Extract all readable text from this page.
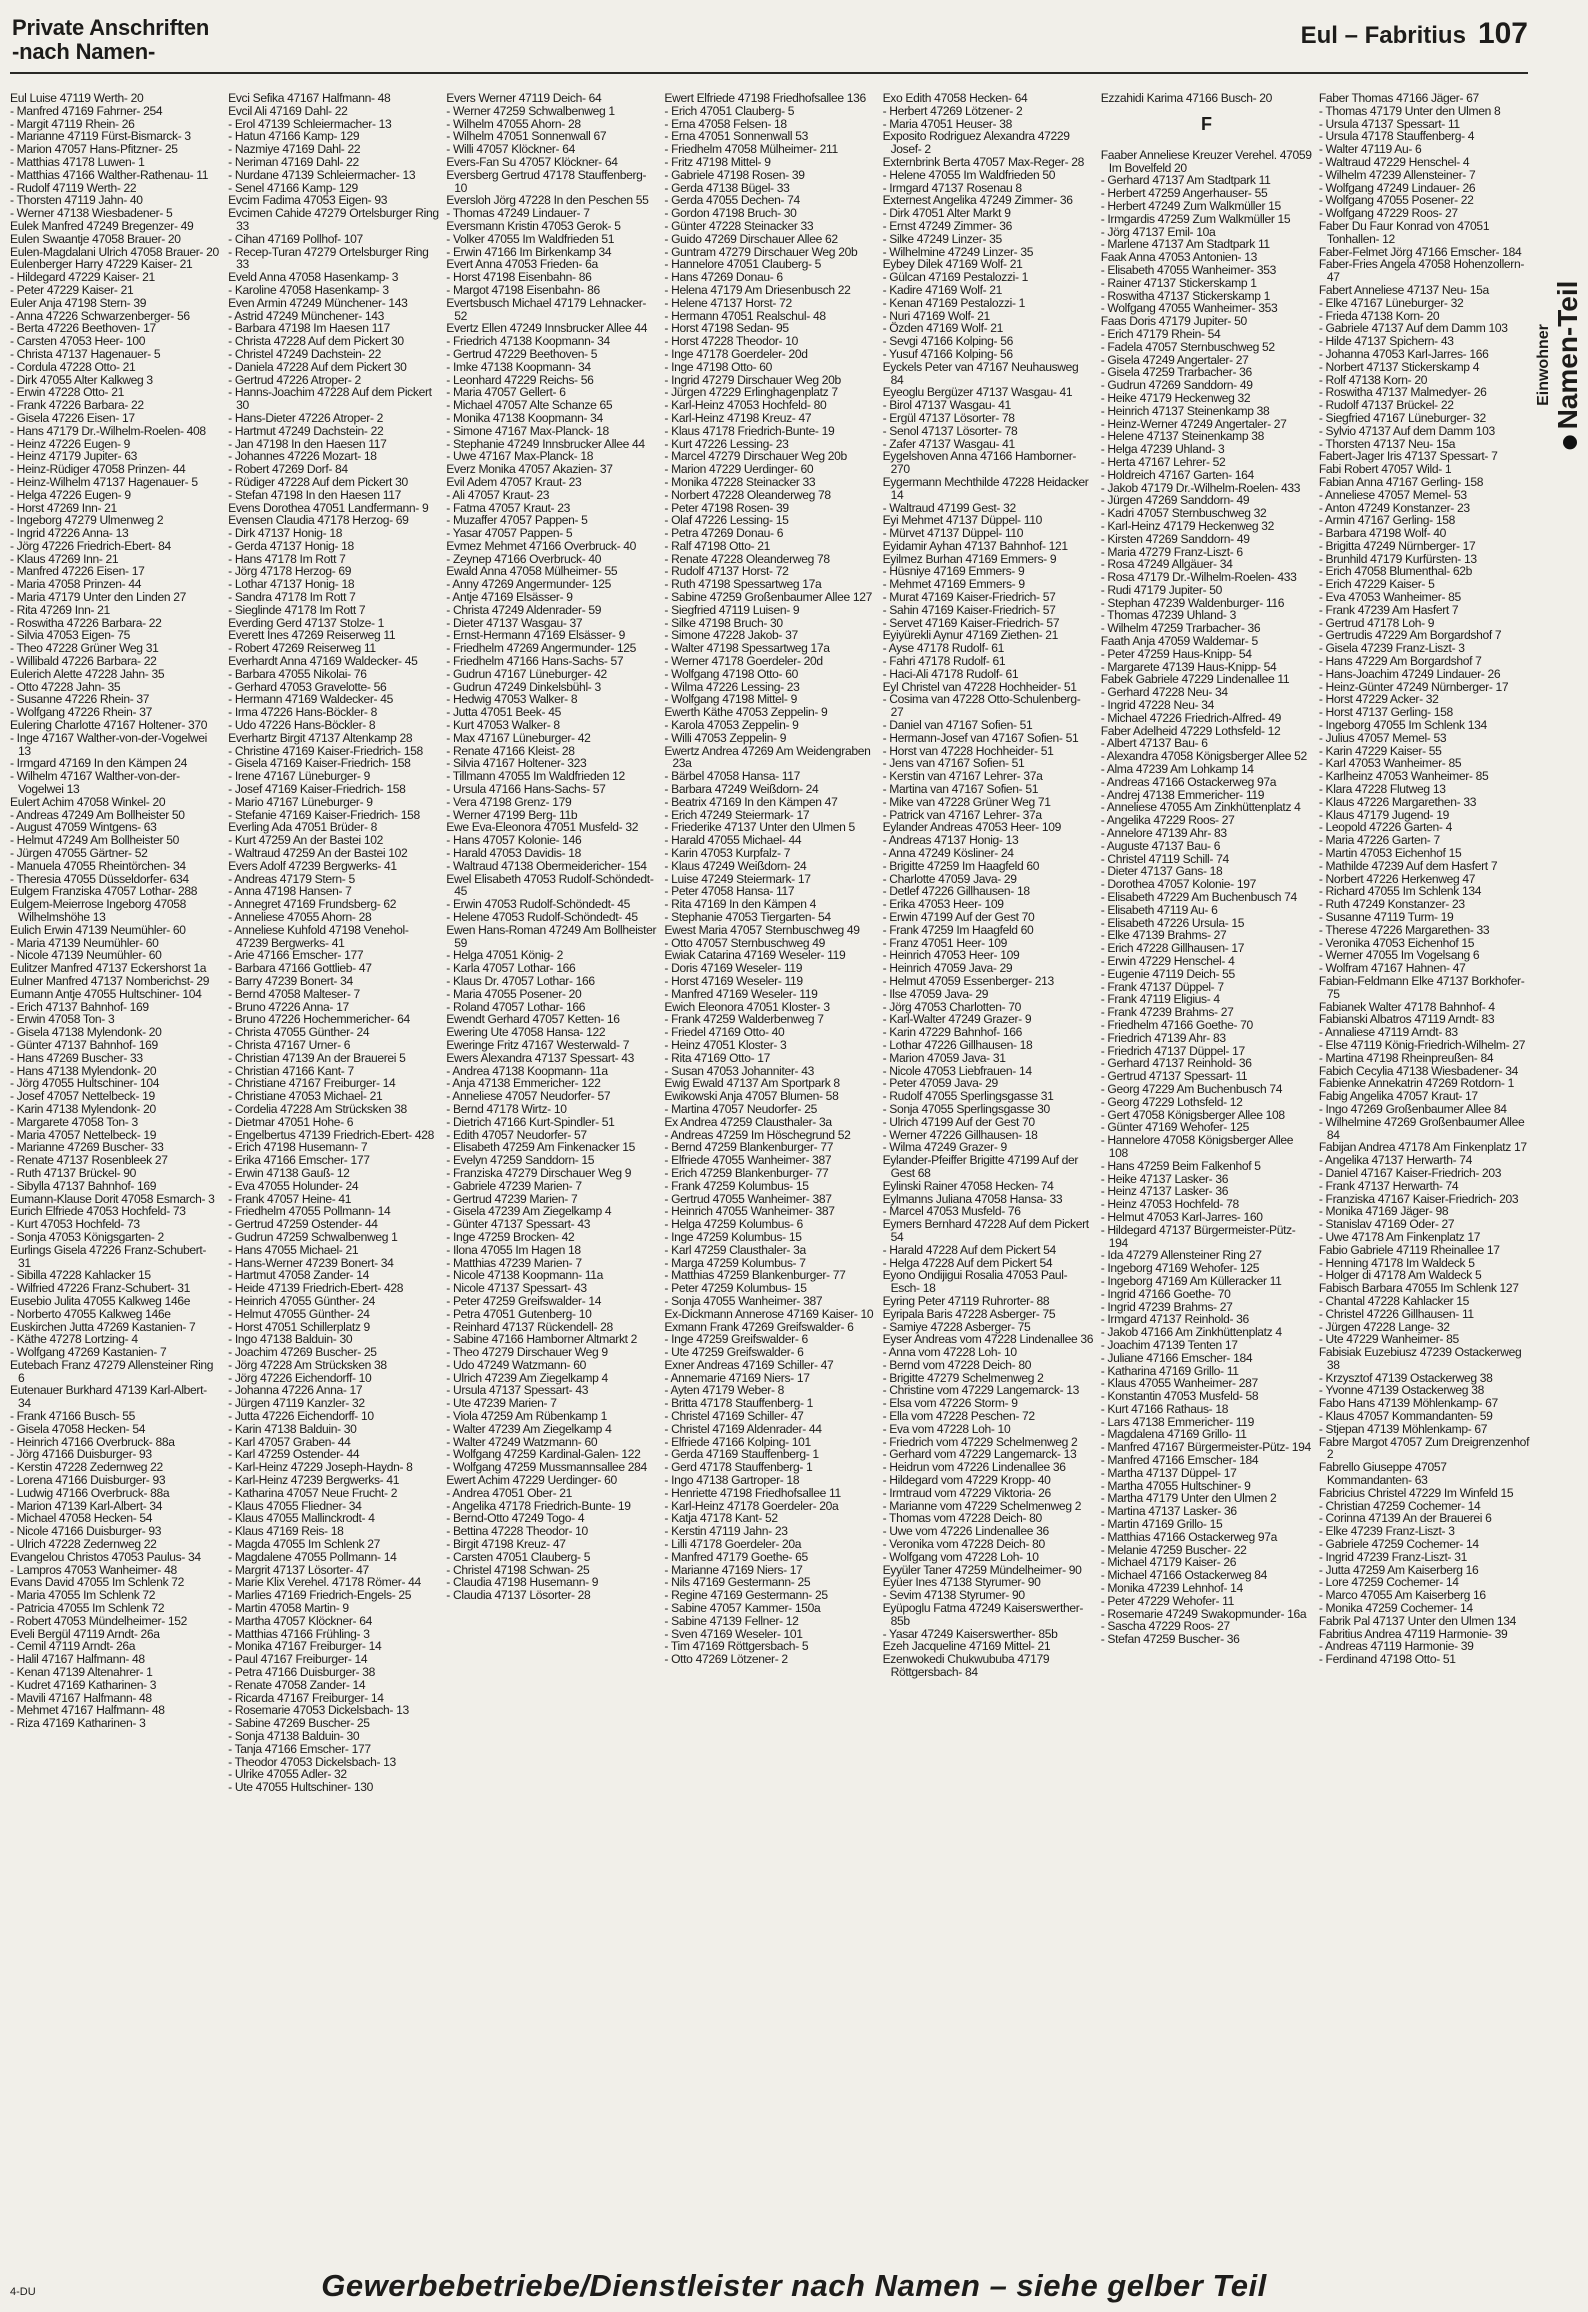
Private Anschriften
-nach Namen-
Eul – Fabritius 107
Einwohner Namen-Teil
Eul Luise 47119 Werth- 20
- Manfred 47169 Fahrner- 254
- Margit 47119 Rhein- 26
- Marianne 47119 Fürst-Bismarck- 3
- Marion 47057 Hans-Pfitzner- 25
- Matthias 47178 Luwen- 1
- Matthias 47166 Walther-Rathenau- 11
- Rudolf 47119 Werth- 22
- Thorsten 47119 Jahn- 40
- Werner 47138 Wiesbadener- 5
Eulek Manfred 47249 Bregenzer- 49
Eulen Swaantje 47058 Brauer- 20
Eulen-Magdalani Ulrich 47058 Brauer- 20
Eulenberger Harry 47229 Kaiser- 21
- Hildegard 47229 Kaiser- 21
- Peter 47229 Kaiser- 21
Euler Anja 47198 Stern- 39
- Anna 47226 Schwarzenberger- 56
- Berta 47226 Beethoven- 17
- Carsten 47053 Heer- 100
- Christa 47137 Hagenauer- 5
- Cordula 47228 Otto- 21
- Dirk 47055 Alter Kalkweg 3
- Erwin 47228 Otto- 21
- Frank 47226 Barbara- 22
- Gisela 47226 Eisen- 17
- Hans 47179 Dr.-Wilhelm-Roelen- 408
- Heinz 47226 Eugen- 9
- Heinz 47179 Jupiter- 63
- Heinz-Rüdiger 47058 Prinzen- 44
- Heinz-Wilhelm 47137 Hagenauer- 5
- Helga 47226 Eugen- 9
- Horst 47269 Inn- 21
- Ingeborg 47279 Ulmenweg 2
- Ingrid 47226 Anna- 13
- Jörg 47226 Friedrich-Ebert- 84
- Klaus 47269 Inn- 21
- Manfred 47226 Eisen- 17
- Maria 47058 Prinzen- 44
- Maria 47179 Unter den Linden 27
- Rita 47269 Inn- 21
- Roswitha 47226 Barbara- 22
- Silvia 47053 Eigen- 75
- Theo 47228 Grüner Weg 31
- Willibald 47226 Barbara- 22
Eulerich Alette 47228 Jahn- 35
- Otto 47228 Jahn- 35
- Susanne 47226 Rhein- 37
- Wolfgang 47226 Rhein- 37
Eulering Charlotte 47167 Holtener- 370
- Inge 47167 Walther-von-der-Vogelwei 13
- Irmgard 47169 In den Kämpen 24
- Wilhelm 47167 Walther-von-der-Vogelwei 13
Eulert Achim 47058 Winkel- 20
- Andreas 47249 Am Bollheister 50
- August 47059 Wintgens- 63
- Helmut 47249 Am Bollheister 50
- Jürgen 47055 Gärtner- 52
- Manuela 47055 Rheintörchen- 34
- Theresia 47055 Düsseldorfer- 634
Eulgem Franziska 47057 Lothar- 288
Eulgem-Meierrose Ingeborg 47058 Wilhelmshöhe 13
Eulich Erwin 47139 Neumühler- 60
- Maria 47139 Neumühler- 60
- Nicole 47139 Neumühler- 60
Eulitzer Manfred 47137 Eckershorst 1a
Eulner Manfred 47137 Nomberichst- 29
Eumann Antje 47055 Hultschiner- 104
- Erich 47137 Bahnhof- 169
- Erwin 47058 Ton- 3
- Gisela 47138 Mylendonk- 20
- Günter 47137 Bahnhof- 169
- Hans 47269 Buscher- 33
- Hans 47138 Mylendonk- 20
- Jörg 47055 Hultschiner- 104
- Josef 47057 Nettelbeck- 19
- Karin 47138 Mylendonk- 20
- Margarete 47058 Ton- 3
- Maria 47057 Nettelbeck- 19
- Marianne 47269 Buscher- 33
- Renate 47137 Rosenbleek 27
- Ruth 47137 Brückel- 90
- Sibylla 47137 Bahnhof- 169
Eumann-Klause Dorit 47058 Esmarch- 3
Eurich Elfriede 47053 Hochfeld- 73
- Kurt 47053 Hochfeld- 73
- Sonja 47053 Königsgarten- 2
Eurlings Gisela 47226 Franz-Schubert- 31
- Sibilla 47228 Kahlacker 15
- Wilfried 47226 Franz-Schubert- 31
Eusebio Julita 47055 Kalkweg 146e
- Norberto 47055 Kalkweg 146e
Euskirchen Jutta 47269 Kastanien- 7
- Käthe 47278 Lortzing- 4
- Wolfgang 47269 Kastanien- 7
Eutebach Franz 47279 Allensteiner Ring 6
Eutenauer Burkhard 47139 Karl-Albert- 34
- Frank 47166 Busch- 55
- Gisela 47058 Hecken- 54
- Heinrich 47166 Overbruck- 88a
- Jörg 47166 Duisburger- 93
- Kerstin 47228 Zedernweg 22
- Lorena 47166 Duisburger- 93
- Ludwig 47166 Overbruck- 88a
- Marion 47139 Karl-Albert- 34
- Michael 47058 Hecken- 54
- Nicole 47166 Duisburger- 93
- Ulrich 47228 Zedernweg 22
Evangelou Christos 47053 Paulus- 34
- Lampros 47053 Wanheimer- 48
Evans David 47055 Im Schlenk 72
- Maria 47055 Im Schlenk 72
- Patricia 47055 Im Schlenk 72
- Robert 47053 Mündelheimer- 152
Eveli Bergül 47119 Arndt- 26a
- Cemil 47119 Arndt- 26a
- Halil 47167 Halfmann- 48
- Kenan 47139 Altenahrer- 1
- Kudret 47169 Katharinen- 3
- Mavili 47167 Halfmann- 48
- Mehmet 47167 Halfmann- 48
- Riza 47169 Katharinen- 3
Evci Sefika 47167 Halfmann- 48
Evcil Ali 47169 Dahl- 22
- Erol 47139 Schleiermacher- 13
- Hatun 47166 Kamp- 129
- Nazmiye 47169 Dahl- 22
- Neriman 47169 Dahl- 22
- Nurdane 47139 Schleiermacher- 13
- Senel 47166 Kamp- 129
Evcim Fadima 47053 Eigen- 93
Evcimen Cahide 47279 Ortelsburger Ring 33
- Cihan 47169 Pollhof- 107
- Recep-Turan 47279 Ortelsburger Ring 33
Eveld Anna 47058 Hasenkamp- 3
- Karoline 47058 Hasenkamp- 3
Even Armin 47249 Münchener- 143
- Astrid 47249 Münchener- 143
- Barbara 47198 Im Haesen 117
- Christa 47228 Auf dem Pickert 30
- Christel 47249 Dachstein- 22
- Daniela 47228 Auf dem Pickert 30
- Gertrud 47226 Atroper- 2
- Hanns-Joachim 47228 Auf dem Pickert 30
- Hans-Dieter 47226 Atroper- 2
- Hartmut 47249 Dachstein- 22
- Jan 47198 In den Haesen 117
- Johannes 47226 Mozart- 18
- Robert 47269 Dorf- 84
- Rüdiger 47228 Auf dem Pickert 30
- Stefan 47198 In den Haesen 117
Evens Dorothea 47051 Landfermann- 9
Evensen Claudia 47178 Herzog- 69
- Dirk 47137 Honig- 18
- Gerda 47137 Honig- 18
- Hans 47178 Im Rott 7
- Jörg 47178 Herzog- 69
- Lothar 47137 Honig- 18
- Sandra 47178 Im Rott 7
- Sieglinde 47178 Im Rott 7
Everding Gerd 47137 Stolze- 1
Everett Ines 47269 Reiserweg 11
- Robert 47269 Reiserweg 11
Everhardt Anna 47169 Waldecker- 45
- Barbara 47055 Nikolai- 76
- Gerhard 47053 Gravelotte- 56
- Hermann 47169 Waldecker- 45
- Irma 47226 Hans-Böckler- 8
- Udo 47226 Hans-Böckler- 8
Everhartz Birgit 47137 Altenkamp 28
- Christine 47169 Kaiser-Friedrich- 158
- Gisela 47169 Kaiser-Friedrich- 158
- Irene 47167 Lüneburger- 9
- Josef 47169 Kaiser-Friedrich- 158
- Mario 47167 Lüneburger- 9
- Stefanie 47169 Kaiser-Friedrich- 158
Everling Ada 47051 Brüder- 8
- Kurt 47259 An der Bastei 102
- Waltraud 47259 An der Bastei 102
Evers Adolf 47239 Bergwerks- 41
- Andreas 47179 Stern- 5
- Anna 47198 Hansen- 7
- Annegret 47169 Frundsberg- 62
- Anneliese 47055 Ahorn- 28
- Anneliese Kuhfold 47198 Venehol-47239 Bergwerks- 41
- Arie 47166 Emscher- 177
- Barbara 47166 Gottlieb- 47
- Barry 47239 Bonert- 34
- Bernd 47058 Malteser- 7
- Bruno 47226 Anna- 17
- Bruno 47226 Hochemmericher- 64
- Christa 47055 Günther- 24
- Christa 47167 Urner- 6
- Christian 47139 An der Brauerei 5
- Christian 47166 Kant- 7
- Christiane 47167 Freiburger- 14
- Christiane 47053 Michael- 21
- Cordelia 47228 Am Strücksken 38
- Dietmar 47051 Hohe- 6
- Engelbertus 47139 Friedrich-Ebert- 428
- Erich 47198 Husemann- 7
- Erika 47166 Emscher- 177
- Erwin 47138 Gauß- 12
- Eva 47055 Holunder- 24
- Frank 47057 Heine- 41
- Friedhelm 47055 Pollmann- 14
- Gertrud 47259 Ostender- 44
- Gudrun 47259 Schwalbenweg 1
- Hans 47055 Michael- 21
- Hans-Werner 47239 Bonert- 34
- Hartmut 47058 Zander- 14
- Heide 47139 Friedrich-Ebert- 428
- Heinrich 47055 Günther- 24
- Helmut 47055 Günther- 24
- Horst 47051 Schillerplatz 9
- Ingo 47138 Balduin- 30
- Joachim 47269 Buscher- 25
- Jörg 47228 Am Strücksken 38
- Jörg 47226 Eichendorff- 10
- Johanna 47226 Anna- 17
- Jürgen 47119 Kanzler- 32
- Jutta 47226 Eichendorff- 10
- Karin 47138 Balduin- 30
- Karl 47057 Graben- 44
- Karl 47259 Ostender- 44
- Karl-Heinz 47229 Joseph-Haydn- 8
- Karl-Heinz 47239 Bergwerks- 41
- Katharina 47057 Neue Frucht- 2
- Klaus 47055 Fliedner- 34
- Klaus 47055 Mallinckrodt- 4
- Klaus 47169 Reis- 18
- Magda 47055 Im Schlenk 27
- Magdalene 47055 Pollmann- 14
- Margrit 47137 Lösorter- 47
- Marie Klix Verehel. 47178 Römer- 44
- Marlies 47169 Friedrich-Engels- 25
- Martin 47058 Martin- 9
- Martha 47057 Klöckner- 64
- Matthias 47166 Frühling- 3
- Monika 47167 Freiburger- 14
- Paul 47167 Freiburger- 14
- Petra 47166 Duisburger- 38
- Renate 47058 Zander- 14
- Ricarda 47167 Freiburger- 14
- Rosemarie 47053 Dickelsbach- 13
- Sabine 47269 Buscher- 25
- Sonja 47138 Balduin- 30
- Tanja 47166 Emscher- 177
- Theodor 47053 Dickelsbach- 13
- Ulrike 47055 Adler- 32
- Ute 47055 Hultschiner- 130
Evers Werner 47119 Deich- 64
- Werner 47259 Schwalbenweg 1
- Wilhelm 47055 Ahorn- 28
- Wilhelm 47051 Sonnenwall 67
- Willi 47057 Klöckner- 64
Evers-Fan Su 47057 Klöckner- 64
Eversberg Gertrud 47178 Stauffenberg- 10
Eversloh Jörg 47228 In den Peschen 55
- Thomas 47249 Lindauer- 7
Eversmann Kristin 47053 Gerok- 5
- Volker 47055 Im Waldfrieden 51
- Erwin 47166 Im Birkenkamp 34
Evert Anna 47053 Frieden- 6a
- Horst 47198 Eisenbahn- 86
- Margot 47198 Eisenbahn- 86
Evertsbusch Michael 47179 Lehnacker- 52
Evertz Ellen 47249 Innsbrucker Allee 44
- Friedrich 47138 Koopmann- 34
- Gertrud 47229 Beethoven- 5
- Imke 47138 Koopmann- 34
- Leonhard 47229 Reichs- 56
- Maria 47057 Gellert- 6
- Michael 47057 Alte Schanze 65
- Monika 47138 Koopmann- 34
- Simone 47167 Max-Planck- 18
- Stephanie 47249 Innsbrucker Allee 44
- Uwe 47167 Max-Planck- 18
Everz Monika 47057 Akazien- 37
Evil Adem 47057 Kraut- 23
- Ali 47057 Kraut- 23
- Fatma 47057 Kraut- 23
- Muzaffer 47057 Pappen- 5
- Yasar 47057 Pappen- 5
Evmez Mehmet 47166 Overbruck- 40
- Zeynep 47166 Overbruck- 40
Ewald Anna 47058 Mülheimer- 55
- Anny 47269 Angermunder- 125
- Antje 47169 Elsässer- 9
- Christa 47249 Aldenrader- 59
- Dieter 47137 Wasgau- 37
- Ernst-Hermann 47169 Elsässer- 9
- Friedhelm 47269 Angermunder- 125
- Friedhelm 47166 Hans-Sachs- 57
- Gudrun 47167 Lüneburger- 42
- Gudrun 47249 Dinkelsbühl- 3
- Hedwig 47053 Walker- 8
- Jutta 47051 Beek- 45
- Kurt 47053 Walker- 8
- Max 47167 Lüneburger- 42
- Renate 47166 Kleist- 28
- Silvia 47167 Holtener- 323
- Tillmann 47055 Im Waldfrieden 12
- Ursula 47166 Hans-Sachs- 57
- Vera 47198 Grenz- 179
- Werner 47199 Berg- 11b
Ewe Eva-Eleonora 47051 Musfeld- 32
- Hans 47057 Kolonie- 146
- Harald 47053 Davidis- 18
- Waltraud 47138 Obermeidericher- 154
Ewel Elisabeth 47053 Rudolf-Schöndedt- 45
- Erwin 47053 Rudolf-Schöndedt- 45
- Helene 47053 Rudolf-Schöndedt- 45
Ewen Hans-Roman 47249 Am Bollheister 59
- Helga 47051 König- 2
- Karla 47057 Lothar- 166
- Klaus Dr. 47057 Lothar- 166
- Maria 47055 Posener- 20
- Roland 47057 Lothar- 166
Ewendt Gerhard 47057 Ketten- 16
Ewering Ute 47058 Hansa- 122
Eweringe Fritz 47167 Westerwald- 7
Ewers Alexandra 47137 Spessart- 43
- Andrea 47138 Koopmann- 11a
- Anja 47138 Emmericher- 122
- Anneliese 47057 Neudorfer- 57
- Bernd 47178 Wirtz- 10
- Dietrich 47166 Kurt-Spindler- 51
- Edith 47057 Neudorfer- 57
- Elisabeth 47259 Am Finkenacker 15
- Evelyn 47259 Sanddorn- 15
- Franziska 47279 Dirschauer Weg 9
- Gabriele 47239 Marien- 7
- Gertrud 47239 Marien- 7
- Gisela 47239 Am Ziegelkamp 4
- Günter 47137 Spessart- 43
- Inge 47259 Brocken- 42
- Ilona 47055 Im Hagen 18
- Matthias 47239 Marien- 7
- Nicole 47138 Koopmann- 11a
- Nicole 47137 Spessart- 43
- Peter 47259 Greifswalder- 14
- Petra 47051 Gutenberg- 10
- Reinhard 47137 Rückendell- 28
- Sabine 47166 Hamborner Altmarkt 2
- Theo 47279 Dirschauer Weg 9
- Udo 47249 Watzmann- 60
- Ulrich 47239 Am Ziegelkamp 4
- Ursula 47137 Spessart- 43
- Ute 47239 Marien- 7
- Viola 47259 Am Rübenkamp 1
- Walter 47239 Am Ziegelkamp 4
- Walter 47249 Watzmann- 60
- Wolfgang 47259 Kardinal-Galen- 122
- Wolfgang 47259 Mussmannsallee 284
Ewert Achim 47229 Uerdinger- 60
- Andrea 47051 Ober- 21
- Angelika 47178 Friedrich-Bunte- 19
- Bernd-Otto 47249 Togo- 4
- Bettina 47228 Theodor- 10
- Birgit 47198 Kreuz- 47
- Carsten 47051 Clauberg- 5
- Christel 47198 Schwan- 25
- Claudia 47198 Husemann- 9
- Claudia 47137 Lösorter- 28
Ewert Elfriede 47198 Friedhofsallee 136
- Erich 47051 Clauberg- 5
- Erna 47058 Felsen- 18
- Erna 47051 Sonnenwall 53
- Friedhelm 47058 Mülheimer- 211
- Fritz 47198 Mittel- 9
- Gabriele 47198 Rosen- 39
- Gerda 47138 Bügel- 33
- Gerda 47055 Dechen- 74
- Gordon 47198 Bruch- 30
- Günter 47228 Steinacker 33
- Guido 47269 Dirschauer Allee 62
- Guntram 47279 Dirschauer Weg 20b
- Hannelore 47051 Clauberg- 5
- Hans 47269 Donau- 6
- Helena 47179 Am Driesenbusch 22
- Helene 47137 Horst- 72
- Hermann 47051 Realschul- 48
- Horst 47198 Sedan- 95
- Horst 47228 Theodor- 10
- Inge 47178 Goerdeler- 20d
- Inge 47198 Otto- 60
- Ingrid 47279 Dirschauer Weg 20b
- Jürgen 47229 Erlinghagenplatz 7
- Karl-Heinz 47053 Hochfeld- 80
- Karl-Heinz 47198 Kreuz- 47
- Klaus 47178 Friedrich-Bunte- 19
- Kurt 47226 Lessing- 23
- Marcel 47279 Dirschauer Weg 20b
- Marion 47229 Uerdinger- 60
- Monika 47228 Steinacker 33
- Norbert 47228 Oleanderweg 78
- Peter 47198 Rosen- 39
- Olaf 47226 Lessing- 15
- Petra 47269 Donau- 6
- Ralf 47198 Otto- 21
- Renate 47228 Oleanderweg 78
- Rudolf 47137 Horst- 72
- Ruth 47198 Spessartweg 17a
- Sabine 47259 Großenbaumer Allee 127
- Siegfried 47119 Luisen- 9
- Silke 47198 Bruch- 30
- Simone 47228 Jakob- 37
- Walter 47198 Spessartweg 17a
- Werner 47178 Goerdeler- 20d
- Wolfgang 47198 Otto- 60
- Wilma 47226 Lessing- 23
- Wolfgang 47198 Mittel- 9
Ewerth Käthe 47053 Zeppelin- 9
- Karola 47053 Zeppelin- 9
- Willi 47053 Zeppelin- 9
Ewertz Andrea 47269 Am Weidengraben 23a
- Bärbel 47058 Hansa- 117
- Barbara 47249 Weißdorn- 24
- Beatrix 47169 In den Kämpen 47
- Erich 47249 Steiermark- 17
- Friederike 47137 Unter den Ulmen 5
- Harald 47055 Michael- 44
- Karin 47053 Kurpfalz- 7
- Klaus 47249 Weißdorn- 24
- Luise 47249 Steiermark- 17
- Peter 47058 Hansa- 117
- Rita 47169 In den Kämpen 4
- Stephanie 47053 Tiergarten- 54
Ewest Maria 47057 Sternbuschweg 49
- Otto 47057 Sternbuschweg 49
Ewiak Catarina 47169 Weseler- 119
- Doris 47169 Weseler- 119
- Horst 47169 Weseler- 119
- Manfred 47169 Weseler- 119
Ewich Eleonora 47051 Kloster- 3
- Frank 47259 Walderbenweg 7
- Friedel 47169 Otto- 40
- Heinz 47051 Kloster- 3
- Rita 47169 Otto- 17
- Susan 47053 Johanniter- 43
Ewig Ewald 47137 Am Sportpark 8
Ewikowski Anja 47057 Blumen- 58
- Martina 47057 Neudorfer- 25
Ex Andrea 47259 Clausthaler- 3a
- Andreas 47259 Im Höschegrund 52
- Bernd 47259 Blankenburger- 77
- Elfriede 47055 Wanheimer- 387
- Erich 47259 Blankenburger- 77
- Frank 47259 Kolumbus- 15
- Gertrud 47055 Wanheimer- 387
- Heinrich 47055 Wanheimer- 387
- Helga 47259 Kolumbus- 6
- Inge 47259 Kolumbus- 15
- Karl 47259 Clausthaler- 3a
- Marga 47259 Kolumbus- 7
- Matthias 47259 Blankenburger- 77
- Peter 47259 Kolumbus- 15
- Sonja 47055 Wanheimer- 387
Ex-Dickmann Annerose 47169 Kaiser- 10
Exmann Frank 47269 Greifswalder- 6
- Inge 47259 Greifswalder- 6
- Ute 47259 Greifswalder- 6
Exner Andreas 47169 Schiller- 47
- Annemarie 47169 Niers- 17
- Ayten 47179 Weber- 8
- Britta 47178 Stauffenberg- 1
- Christel 47169 Schiller- 47
- Christel 47169 Aldenrader- 44
- Elfriede 47166 Kolping- 101
- Gerda 47169 Stauffenberg- 1
- Gerd 47178 Stauffenberg- 1
- Ingo 47138 Gartroper- 18
- Henriette 47198 Friedhofsallee 11
- Karl-Heinz 47178 Goerdeler- 20a
- Katja 47178 Kant- 52
- Kerstin 47119 Jahn- 23
- Lilli 47178 Goerdeler- 20a
- Manfred 47179 Goethe- 65
- Marianne 47169 Niers- 17
- Nils 47169 Gestermann- 25
- Regine 47169 Gestermann- 25
- Sabine 47057 Kammer- 150a
- Sabine 47139 Fellner- 12
- Sven 47169 Weseler- 101
- Tim 47169 Röttgersbach- 5
- Otto 47269 Lötzener- 2
Exo Edith 47058 Hecken- 64
- Herbert 47269 Lötzener- 2
- Maria 47051 Heuser- 38
Exposito Rodriguez Alexandra 47229 Josef- 2
Externbrink Berta 47057 Max-Reger- 28
- Helene 47055 Im Waldfrieden 50
- Irmgard 47137 Rosenau 8
Externest Angelika 47249 Zimmer- 36
- Dirk 47051 Alter Markt 9
- Ernst 47249 Zimmer- 36
- Silke 47249 Linzer- 35
- Wilhelmine 47249 Linzer- 35
Eybey Dilek 47169 Wolf- 21
- Gülcan 47169 Pestalozzi- 1
- Kadire 47169 Wolf- 21
- Kenan 47169 Pestalozzi- 1
- Nuri 47169 Wolf- 21
- Özden 47169 Wolf- 21
- Sevgi 47166 Kolping- 56
- Yusuf 47166 Kolping- 56
Eyckels Peter van 47167 Neuhausweg 84
Eyeoglu Bergüzer 47137 Wasgau- 41
- Birol 47137 Wasgau- 41
- Ergül 47137 Lösorter- 78
- Senol 47137 Lösorter- 78
- Zafer 47137 Wasgau- 41
Eygelshoven Anna 47166 Hamborner- 270
Eygermann Mechthilde 47228 Heidacker 14
- Waltraud 47199 Gest- 32
Eyi Mehmet 47137 Düppel- 110
- Mürvet 47137 Düppel- 110
Eyidamir Ayhan 47137 Bahnhof- 121
Eyilmez Burhan 47169 Emmers- 9
- Hüsniye 47169 Emmers- 9
- Mehmet 47169 Emmers- 9
- Murat 47169 Kaiser-Friedrich- 57
- Sahin 47169 Kaiser-Friedrich- 57
- Servet 47169 Kaiser-Friedrich- 57
Eyiyürekli Aynur 47169 Ziethen- 21
- Ayse 47178 Rudolf- 61
- Fahri 47178 Rudolf- 61
- Haci-Ali 47178 Rudolf- 61
Eyl Christel van 47228 Hochheider- 51
- Cosima van 47228 Otto-Schulenberg- 27
- Daniel van 47167 Sofien- 51
- Hermann-Josef van 47167 Sofien- 51
- Horst van 47228 Hochheider- 51
- Jens van 47167 Sofien- 51
- Kerstin van 47167 Lehrer- 37a
- Martina van 47167 Sofien- 51
- Mike van 47228 Grüner Weg 71
- Patrick van 47167 Lehrer- 37a
Eylander Andreas 47053 Heer- 109
- Andreas 47137 Honig- 13
- Anna 47249 Kösliner- 24
- Brigitte 47259 Im Haagfeld 60
- Charlotte 47059 Java- 29
- Detlef 47226 Gillhausen- 18
- Erika 47053 Heer- 109
- Erwin 47199 Auf der Gest 70
- Frank 47259 Im Haagfeld 60
- Franz 47051 Heer- 109
- Heinrich 47053 Heer- 109
- Heinrich 47059 Java- 29
- Helmut 47059 Essenberger- 213
- Ilse 47059 Java- 29
- Jörg 47053 Charlotten- 70
- Karl-Walter 47249 Grazer- 9
- Karin 47229 Bahnhof- 166
- Lothar 47226 Gillhausen- 18
- Marion 47059 Java- 31
- Nicole 47053 Liebfrauen- 14
- Peter 47059 Java- 29
- Rudolf 47055 Sperlingsgasse 31
- Sonja 47055 Sperlingsgasse 30
- Ulrich 47199 Auf der Gest 70
- Werner 47226 Gillhausen- 18
- Wilma 47249 Grazer- 9
Eylander-Pfeiffer Brigitte 47199 Auf der Gest 68
Eylinski Rainer 47058 Hecken- 74
Eylmanns Juliana 47058 Hansa- 33
- Marcel 47053 Musfeld- 76
Eymers Bernhard 47228 Auf dem Pickert 54
- Harald 47228 Auf dem Pickert 54
- Helga 47228 Auf dem Pickert 54
Eyono Ondijigui Rosalia 47053 Paul-Esch- 18
Eyring Peter 47119 Ruhrorter- 88
Eyripala Baris 47228 Asberger- 75
- Samiye 47228 Asberger- 75
Eyser Andreas vom 47228 Lindenallee 36
- Anna vom 47228 Loh- 10
- Bernd vom 47228 Deich- 80
- Brigitte 47279 Schelmenweg 2
- Christine vom 47229 Langemarck- 13
- Elsa vom 47226 Storm- 9
- Ella vom 47228 Peschen- 72
- Eva vom 47228 Loh- 10
- Friedrich vom 47229 Schelmenweg 2
- Gerhard vom 47229 Langemarck- 13
- Heidrun vom 47226 Lindenallee 36
- Hildegard vom 47229 Kropp- 40
- Irmtraud vom 47229 Viktoria- 26
- Marianne vom 47229 Schelmenweg 2
- Thomas vom 47228 Deich- 80
- Uwe vom 47226 Lindenallee 36
- Veronika vom 47228 Deich- 80
- Wolfgang vom 47228 Loh- 10
Eyyüler Taner 47259 Mündelheimer- 90
Eyüer Ines 47138 Styrumer- 90
- Sevim 47138 Styrumer- 90
Eyüpoglu Fatma 47249 Kaiserswerther- 85b
- Yasar 47249 Kaiserswerther- 85b
Ezeh Jacqueline 47169 Mittel- 21
Ezenwokedi Chukwububa 47179 Röttgersbach- 84
Ezzahidi Karima 47166 Busch- 20
F
Faaber Anneliese Kreuzer Verehel. 47059 Im Bovelfeld 20
- Gerhard 47137 Am Stadtpark 11
- Herbert 47259 Angerhauser- 55
- Herbert 47249 Zum Walkmüller 15
- Irmgardis 47259 Zum Walkmüller 15
- Jörg 47137 Emil- 10a
- Marlene 47137 Am Stadtpark 11
Faak Anna 47053 Antonien- 13
- Elisabeth 47055 Wanheimer- 353
- Rainer 47137 Stickerskamp 1
- Roswitha 47137 Stickerskamp 1
- Wolfgang 47055 Wanheimer- 353
Faas Doris 47179 Jupiter- 50
- Erich 47179 Rhein- 54
- Fadela 47057 Sternbuschweg 52
- Gisela 47249 Angertaler- 27
- Gisela 47259 Trarbacher- 36
- Gudrun 47269 Sanddorn- 49
- Heike 47179 Heckenweg 32
- Heinrich 47137 Steinenkamp 38
- Heinz-Werner 47249 Angertaler- 27
- Helene 47137 Steinenkamp 38
- Helga 47239 Uhland- 3
- Herta 47167 Lehrer- 52
- Holdreich 47167 Garten- 164
- Jakob 47179 Dr.-Wilhelm-Roelen- 433
- Jürgen 47269 Sanddorn- 49
- Kadri 47057 Sternbuschweg 32
- Karl-Heinz 47179 Heckenweg 32
- Kirsten 47269 Sanddorn- 49
- Maria 47279 Franz-Liszt- 6
- Rosa 47249 Allgäuer- 34
- Rosa 47179 Dr.-Wilhelm-Roelen- 433
- Rudi 47179 Jupiter- 50
- Stephan 47239 Waldenburger- 116
- Thomas 47239 Uhland- 3
- Wilhelm 47259 Trarbacher- 36
Faath Anja 47059 Waldemar- 5
- Peter 47259 Haus-Knipp- 54
- Margarete 47139 Haus-Knipp- 54
Fabek Gabriele 47229 Lindenallee 11
- Gerhard 47228 Neu- 34
- Ingrid 47228 Neu- 34
- Michael 47226 Friedrich-Alfred- 49
Faber Adelheid 47229 Lothsfeld- 12
- Albert 47137 Bau- 6
- Alexandra 47058 Königsberger Allee 52
- Alma 47239 Am Lohkamp 14
- Andreas 47166 Ostackerweg 97a
- Andrej 47138 Emmericher- 119
- Anneliese 47055 Am Zinkhüttenplatz 4
- Angelika 47229 Roos- 27
- Annelore 47139 Ahr- 83
- Auguste 47137 Bau- 6
- Christel 47119 Schill- 74
- Dieter 47137 Gans- 18
- Dorothea 47057 Kolonie- 197
- Elisabeth 47229 Am Buchenbusch 74
- Elisabeth 47119 Au- 6
- Elisabeth 47226 Ursula- 15
- Elke 47139 Brahms- 27
- Erich 47228 Gillhausen- 17
- Erwin 47229 Henschel- 4
- Eugenie 47119 Deich- 55
- Frank 47137 Düppel- 7
- Frank 47119 Eligius- 4
- Frank 47239 Brahms- 27
- Friedhelm 47166 Goethe- 70
- Friedrich 47139 Ahr- 83
- Friedrich 47137 Düppel- 17
- Gerhard 47137 Reinhold- 36
- Gertrud 47137 Spessart- 11
- Georg 47229 Am Buchenbusch 74
- Georg 47229 Lothsfeld- 12
- Gert 47058 Königsberger Allee 108
- Günter 47169 Wehofer- 125
- Hannelore 47058 Königsberger Allee 108
- Hans 47259 Beim Falkenhof 5
- Heike 47137 Lasker- 36
- Heinz 47137 Lasker- 36
- Heinz 47053 Hochfeld- 78
- Helmut 47053 Karl-Jarres- 160
- Hildegard 47137 Bürgermeister-Pütz- 194
- Ida 47279 Allensteiner Ring 27
- Ingeborg 47169 Wehofer- 125
- Ingeborg 47169 Am Külleracker 11
- Ingrid 47166 Goethe- 70
- Ingrid 47239 Brahms- 27
- Irmgard 47137 Reinhold- 36
- Jakob 47166 Am Zinkhüttenplatz 4
- Joachim 47139 Tenten 17
- Juliane 47166 Emscher- 184
- Katharina 47169 Grillo- 11
- Klaus 47055 Wanheimer- 287
- Konstantin 47053 Musfeld- 58
- Kurt 47166 Rathaus- 18
- Lars 47138 Emmericher- 119
- Magdalena 47169 Grillo- 11
- Manfred 47167 Bürgermeister-Pütz- 194
- Manfred 47166 Emscher- 184
- Martha 47137 Düppel- 17
- Martha 47055 Hultschiner- 9
- Martha 47179 Unter den Ulmen 2
- Martina 47137 Lasker- 36
- Martin 47169 Grillo- 15
- Matthias 47166 Ostackerweg 97a
- Melanie 47259 Buscher- 22
- Michael 47179 Kaiser- 26
- Michael 47166 Ostackerweg 84
- Monika 47239 Lehnhof- 14
- Peter 47229 Wehofer- 11
- Rosemarie 47249 Swakopmunder- 16a
- Sascha 47229 Roos- 27
- Stefan 47259 Buscher- 36
Faber Thomas 47166 Jäger- 67
- Thomas 47179 Unter den Ulmen 8
- Ursula 47137 Spessart- 11
- Ursula 47178 Stauffenberg- 4
- Walter 47119 Au- 6
- Waltraud 47229 Henschel- 4
- Wilhelm 47239 Allensteiner- 7
- Wolfgang 47249 Lindauer- 26
- Wolfgang 47055 Posener- 22
- Wolfgang 47229 Roos- 27
Faber Du Faur Konrad von 47051 Tonhallen- 12
Faber-Felmet Jörg 47166 Emscher- 184
Faber-Fries Angela 47058 Hohenzollern- 47
Fabert Anneliese 47137 Neu- 15a
- Elke 47167 Lüneburger- 32
- Frieda 47138 Korn- 20
- Gabriele 47137 Auf dem Damm 103
- Hilde 47137 Spichern- 43
- Johanna 47053 Karl-Jarres- 166
- Norbert 47137 Stickerskamp 4
- Rolf 47138 Korn- 20
- Roswitha 47137 Malmedyer- 26
- Rudolf 47137 Brückel- 22
- Siegfried 47167 Lüneburger- 32
- Sylvio 47137 Auf dem Damm 103
- Thorsten 47137 Neu- 15a
Fabert-Jager Iris 47137 Spessart- 7
Fabi Robert 47057 Wild- 1
Fabian Anna 47167 Gerling- 158
- Anneliese 47057 Memel- 53
- Anton 47249 Konstanzer- 23
- Armin 47167 Gerling- 158
- Barbara 47198 Wolf- 40
- Brigitta 47249 Nürnberger- 17
- Brunhild 47179 Kurfürsten- 13
- Erich 47058 Blumenthal- 62b
- Erich 47229 Kaiser- 5
- Eva 47053 Wanheimer- 85
- Frank 47239 Am Hasfert 7
- Gertrud 47178 Loh- 9
- Gertrudis 47229 Am Borgardshof 7
- Gisela 47239 Franz-Liszt- 3
- Hans 47229 Am Borgardshof 7
- Hans-Joachim 47249 Lindauer- 26
- Heinz-Günter 47249 Nürnberger- 17
- Horst 47229 Acker- 32
- Horst 47137 Gerling- 158
- Ingeborg 47055 Im Schlenk 134
- Julius 47057 Memel- 53
- Karin 47229 Kaiser- 55
- Karl 47053 Wanheimer- 85
- Karlheinz 47053 Wanheimer- 85
- Klara 47228 Flutweg 13
- Klaus 47226 Margarethen- 33
- Klaus 47179 Jugend- 19
- Leopold 47226 Garten- 4
- Maria 47226 Garten- 7
- Martin 47053 Eichenhof 15
- Mathilde 47239 Auf dem Hasfert 7
- Norbert 47226 Herkenweg 47
- Richard 47055 Im Schlenk 134
- Ruth 47249 Konstanzer- 23
- Susanne 47119 Turm- 19
- Therese 47226 Margarethen- 33
- Veronika 47053 Eichenhof 15
- Werner 47055 Im Vogelsang 6
- Wolfram 47167 Hahnen- 47
Fabian-Feldmann Elke 47137 Borkhofer- 75
Fabianek Walter 47178 Bahnhof- 4
Fabianski Albatros 47119 Arndt- 83
- Annaliese 47119 Arndt- 83
- Else 47119 König-Friedrich-Wilhelm- 27
- Martina 47198 Rheinpreußen- 84
Fabich Cecylia 47138 Wiesbadener- 34
Fabienke Annekatrin 47269 Rotdorn- 1
Fabig Angelika 47057 Kraut- 17
- Ingo 47269 Großenbaumer Allee 84
- Wilhelmine 47269 Großenbaumer Allee 84
Fabijan Andrea 47178 Am Finkenplatz 17
- Angelika 47137 Herwarth- 74
- Daniel 47167 Kaiser-Friedrich- 203
- Frank 47137 Herwarth- 74
- Franziska 47167 Kaiser-Friedrich- 203
- Monika 47169 Jäger- 98
- Stanislav 47169 Oder- 27
- Uwe 47178 Am Finkenplatz 17
Fabio Gabriele 47119 Rheinallee 17
- Henning 47178 Im Waldeck 5
- Holger di 47178 Am Waldeck 5
Fabisch Barbara 47055 Im Schlenk 127
- Chantal 47228 Kahlacker 15
- Christel 47226 Gillhausen- 11
- Jürgen 47228 Lange- 32
- Ute 47229 Wanheimer- 85
Fabisiak Euzebiusz 47239 Ostackerweg 38
- Krzysztof 47139 Ostackerweg 38
- Yvonne 47139 Ostackerweg 38
Fabo Hans 47139 Möhlenkamp- 67
- Klaus 47057 Kommandanten- 59
- Stjepan 47139 Möhlenkamp- 67
Fabre Margot 47057 Zum Dreigrenzenhof 2
Fabrello Giuseppe 47057 Kommandanten- 63
Fabricius Christel 47229 Im Winfeld 15
- Christian 47259 Cochemer- 14
- Corinna 47139 An der Brauerei 6
- Elke 47239 Franz-Liszt- 3
- Gabriele 47259 Cochemer- 14
- Ingrid 47239 Franz-Liszt- 31
- Jutta 47259 Am Kaiserberg 16
- Lore 47259 Cochemer- 14
- Marco 47055 Am Kaiserberg 16
- Monika 47259 Cochemer- 14
Fabrik Pal 47137 Unter den Ulmen 134
Fabritius Andrea 47119 Harmonie- 39
- Andreas 47119 Harmonie- 39
- Ferdinand 47198 Otto- 51
4-DU	Gewerbebetriebe/Dienstleister nach Namen – siehe gelber Teil
